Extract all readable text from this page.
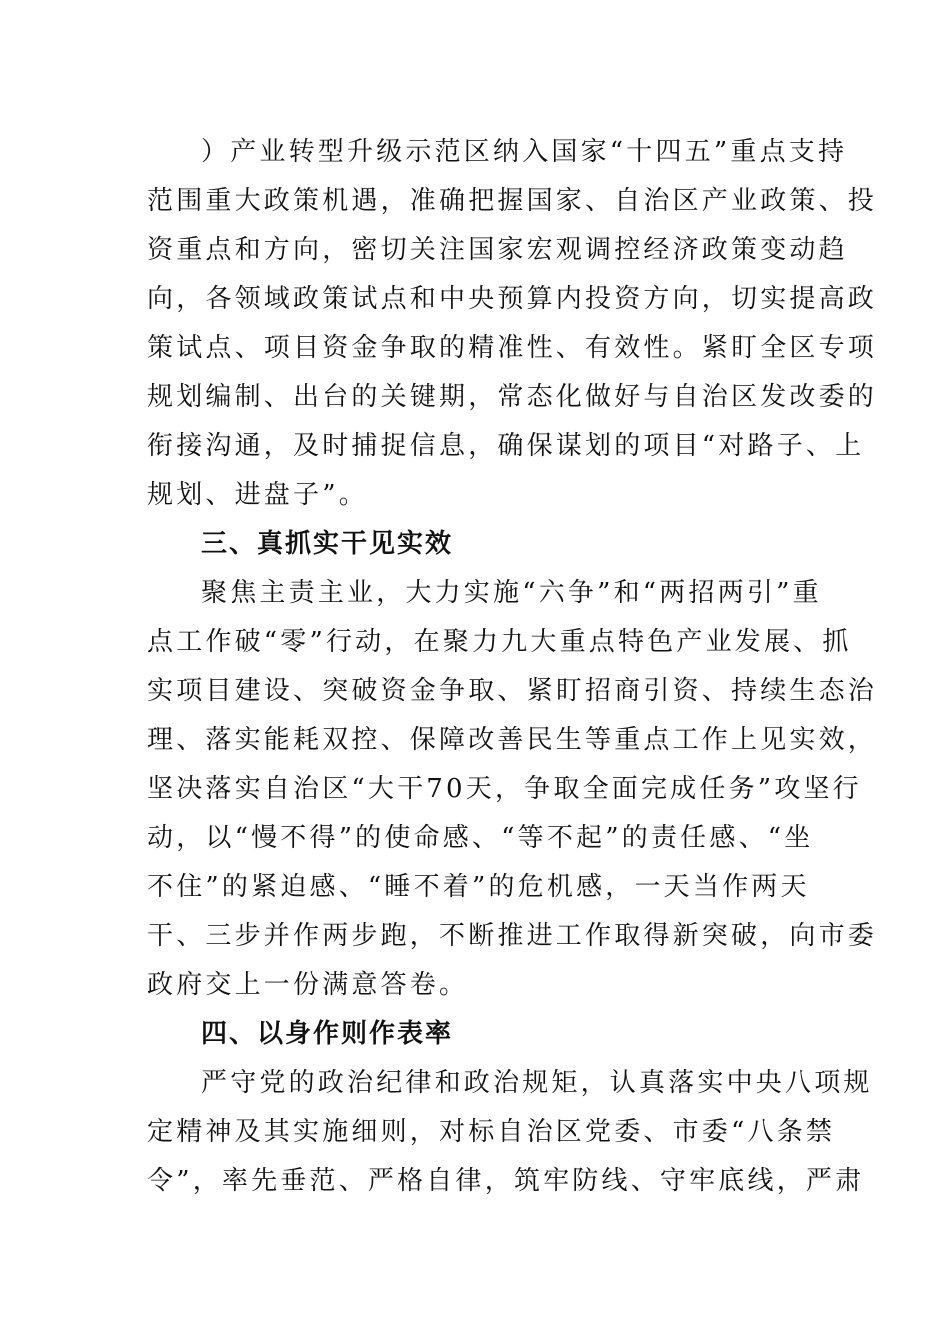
）产业转型升级示范区纳入国家“十四五”重点支持
范围重大政策机遇，准确把握国家、自治区产业政策、投
资重点和方向，密切关注国家宏观调控经济政策变动趋
向，各领域政策试点和中央预算内投资方向，切实提高政
策试点、项目资金争取的精准性、有效性。紧盯全区专项
规划编制、出台的关键期，常态化做好与自治区发改委的
衔接沟通，及时捕捉信息，确保谋划的项目“对路子、上
规划、进盘子”。
三、真抓实干见实效
聚焦主责主业，大力实施“六争”和“两招两引”重
点工作破“零”行动，在聚力九大重点特色产业发展、抓
实项目建设、突破资金争取、紧盯招商引资、持续生态治
理、落实能耗双控、保障改善民生等重点工作上见实效，
坚决落实自治区“大干70天，争取全面完成任务”攻坚行
动，以“慢不得”的使命感、“等不起”的责任感、“坐
不住”的紧迫感、“睡不着”的危机感，一天当作两天
干、三步并作两步跑，不断推进工作取得新突破，向市委
政府交上一份满意答卷。
四、以身作则作表率
严守党的政治纪律和政治规矩，认真落实中央八项规
定精神及其实施细则，对标自治区党委、市委“八条禁
令”，率先垂范、严格自律，筑牢防线、守牢底线，严肃
